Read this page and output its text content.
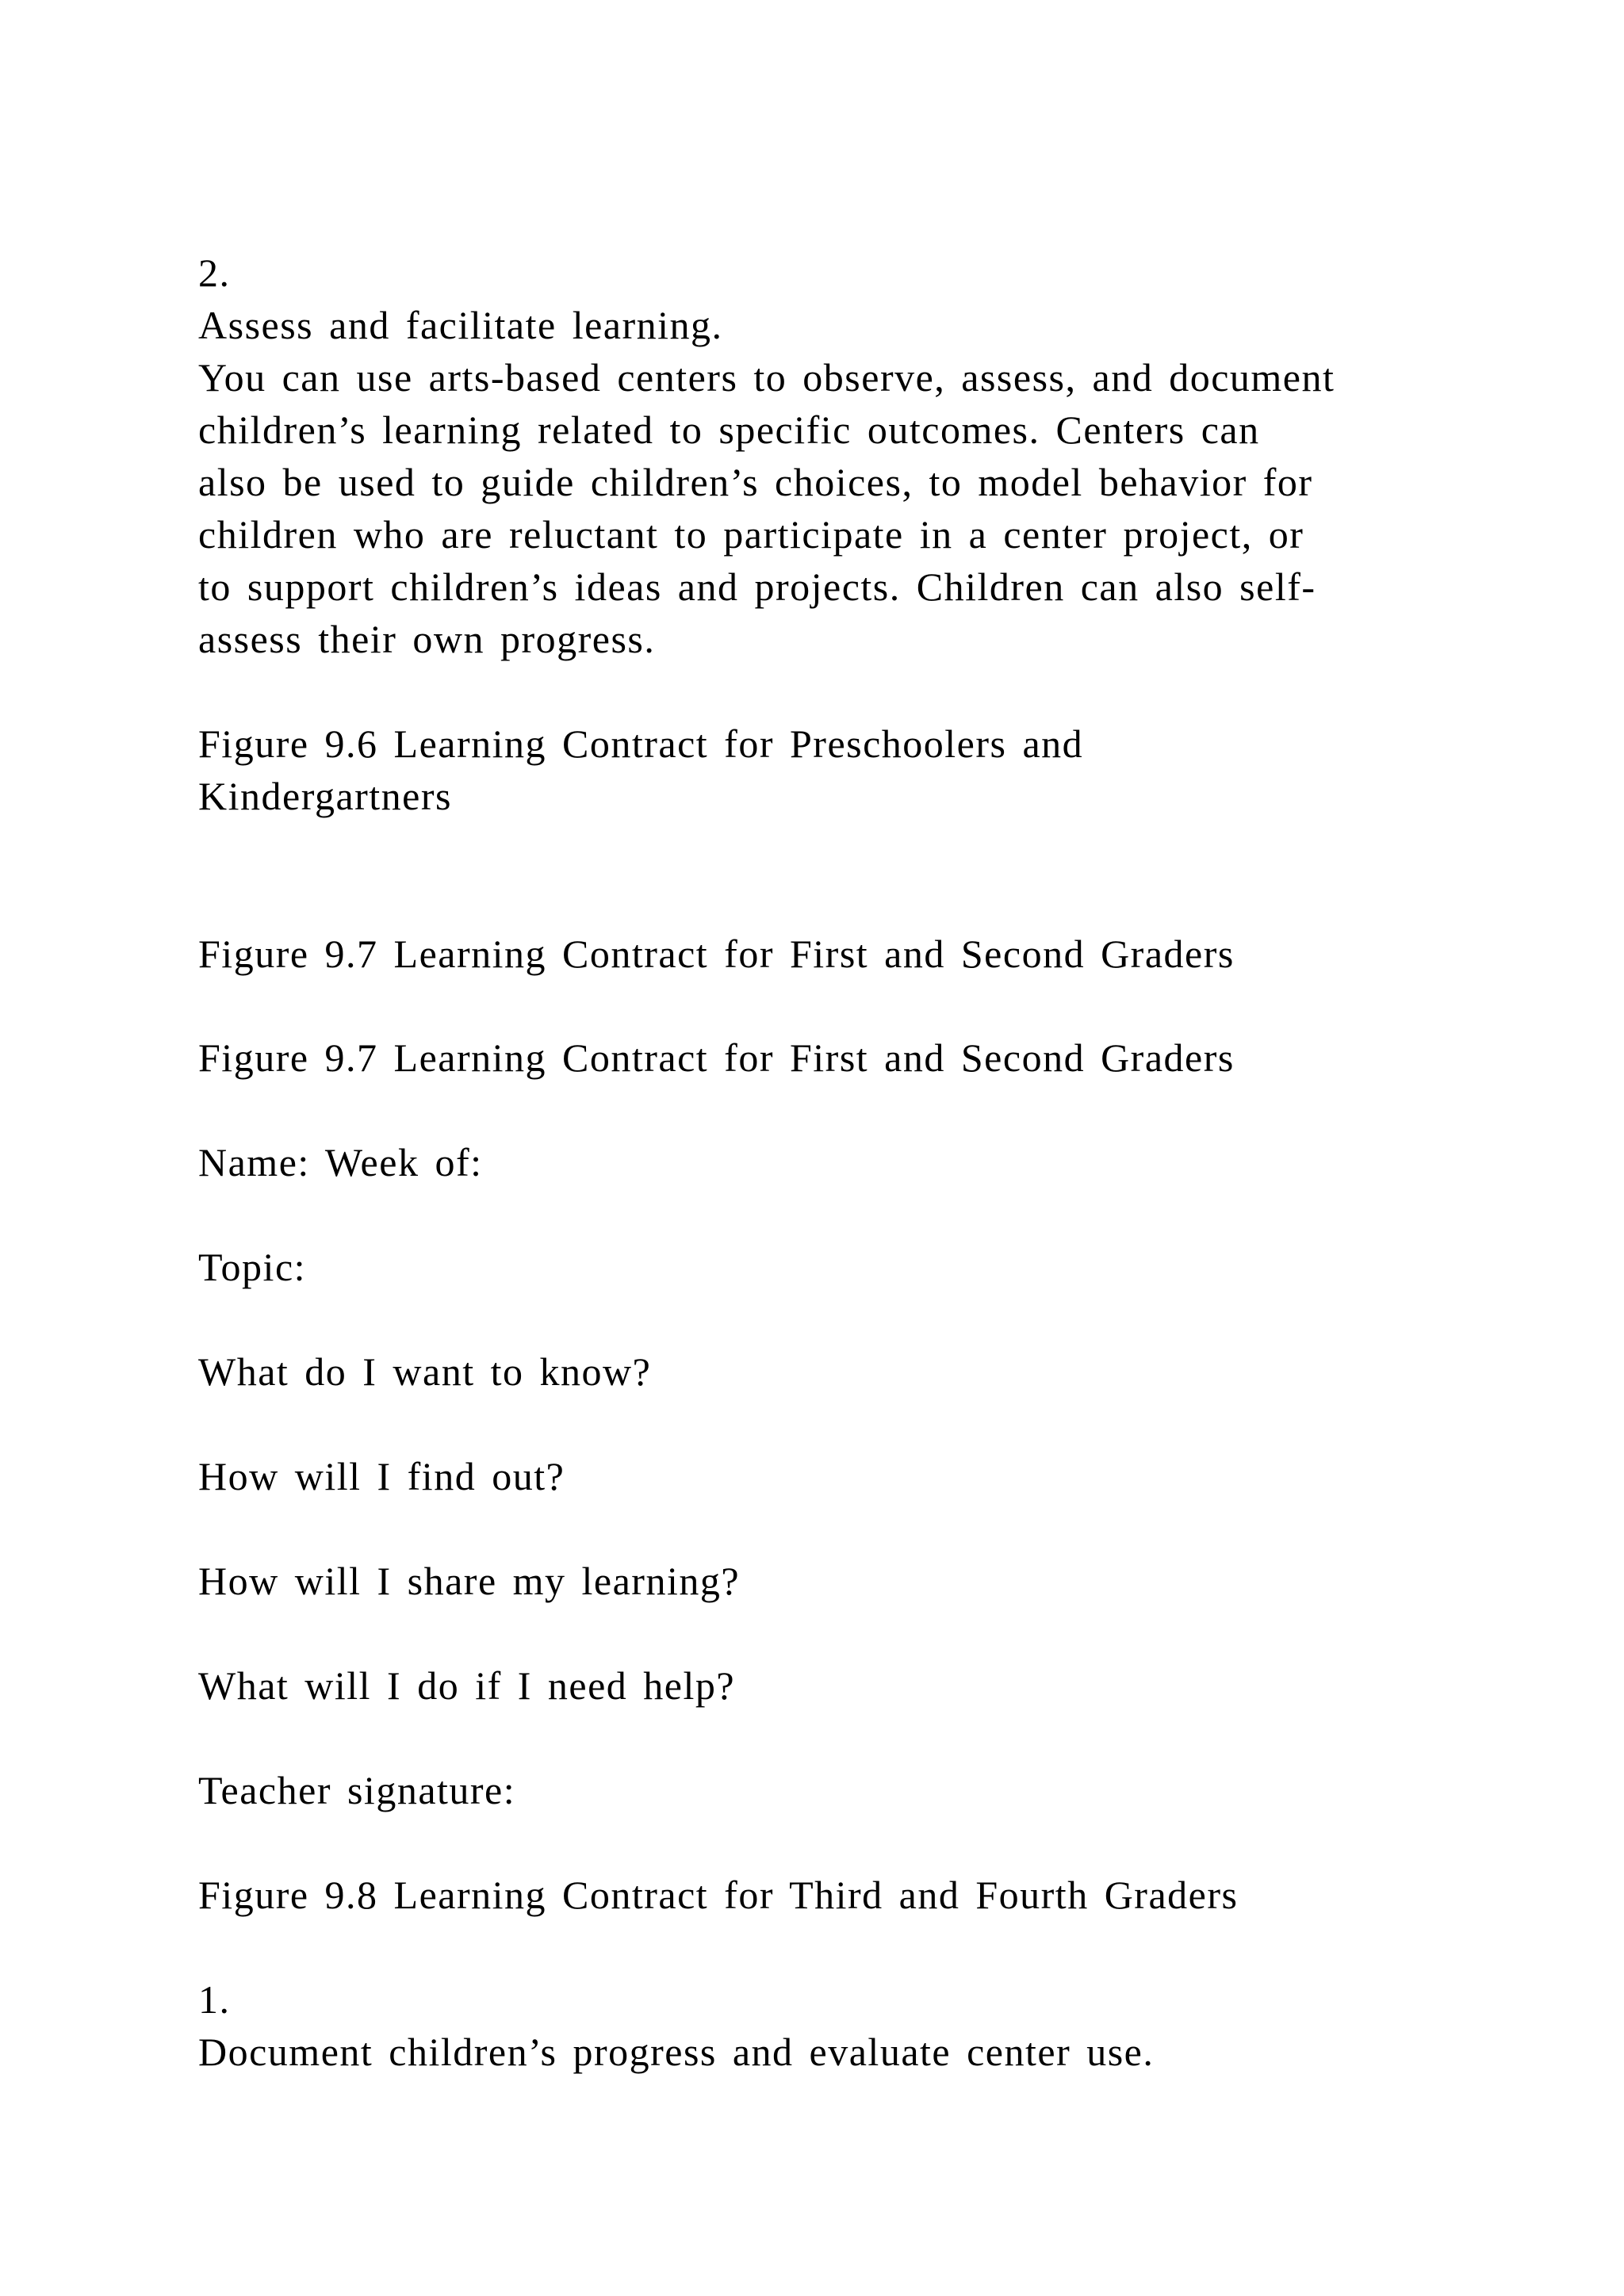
2.

Assess and facilitate learning.

You can use arts-based centers to observe, assess, and document

children’s learning related to specific outcomes. Centers can

also be used to guide children’s choices, to model behavior for

children who are reluctant to participate in a center project, or

to support children’s ideas and projects. Children can also self-

assess their own progress.

Figure 9.6 Learning Contract for Preschoolers and

Kindergartners

Figure 9.7 Learning Contract for First and Second Graders

Figure 9.7 Learning Contract for First and Second Graders

Name: Week of:

Topic:

What do I want to know?

How will I find out?

How will I share my learning?

What will I do if I need help?

Teacher signature:

Figure 9.8 Learning Contract for Third and Fourth Graders

1.

Document children’s progress and evaluate center use.
